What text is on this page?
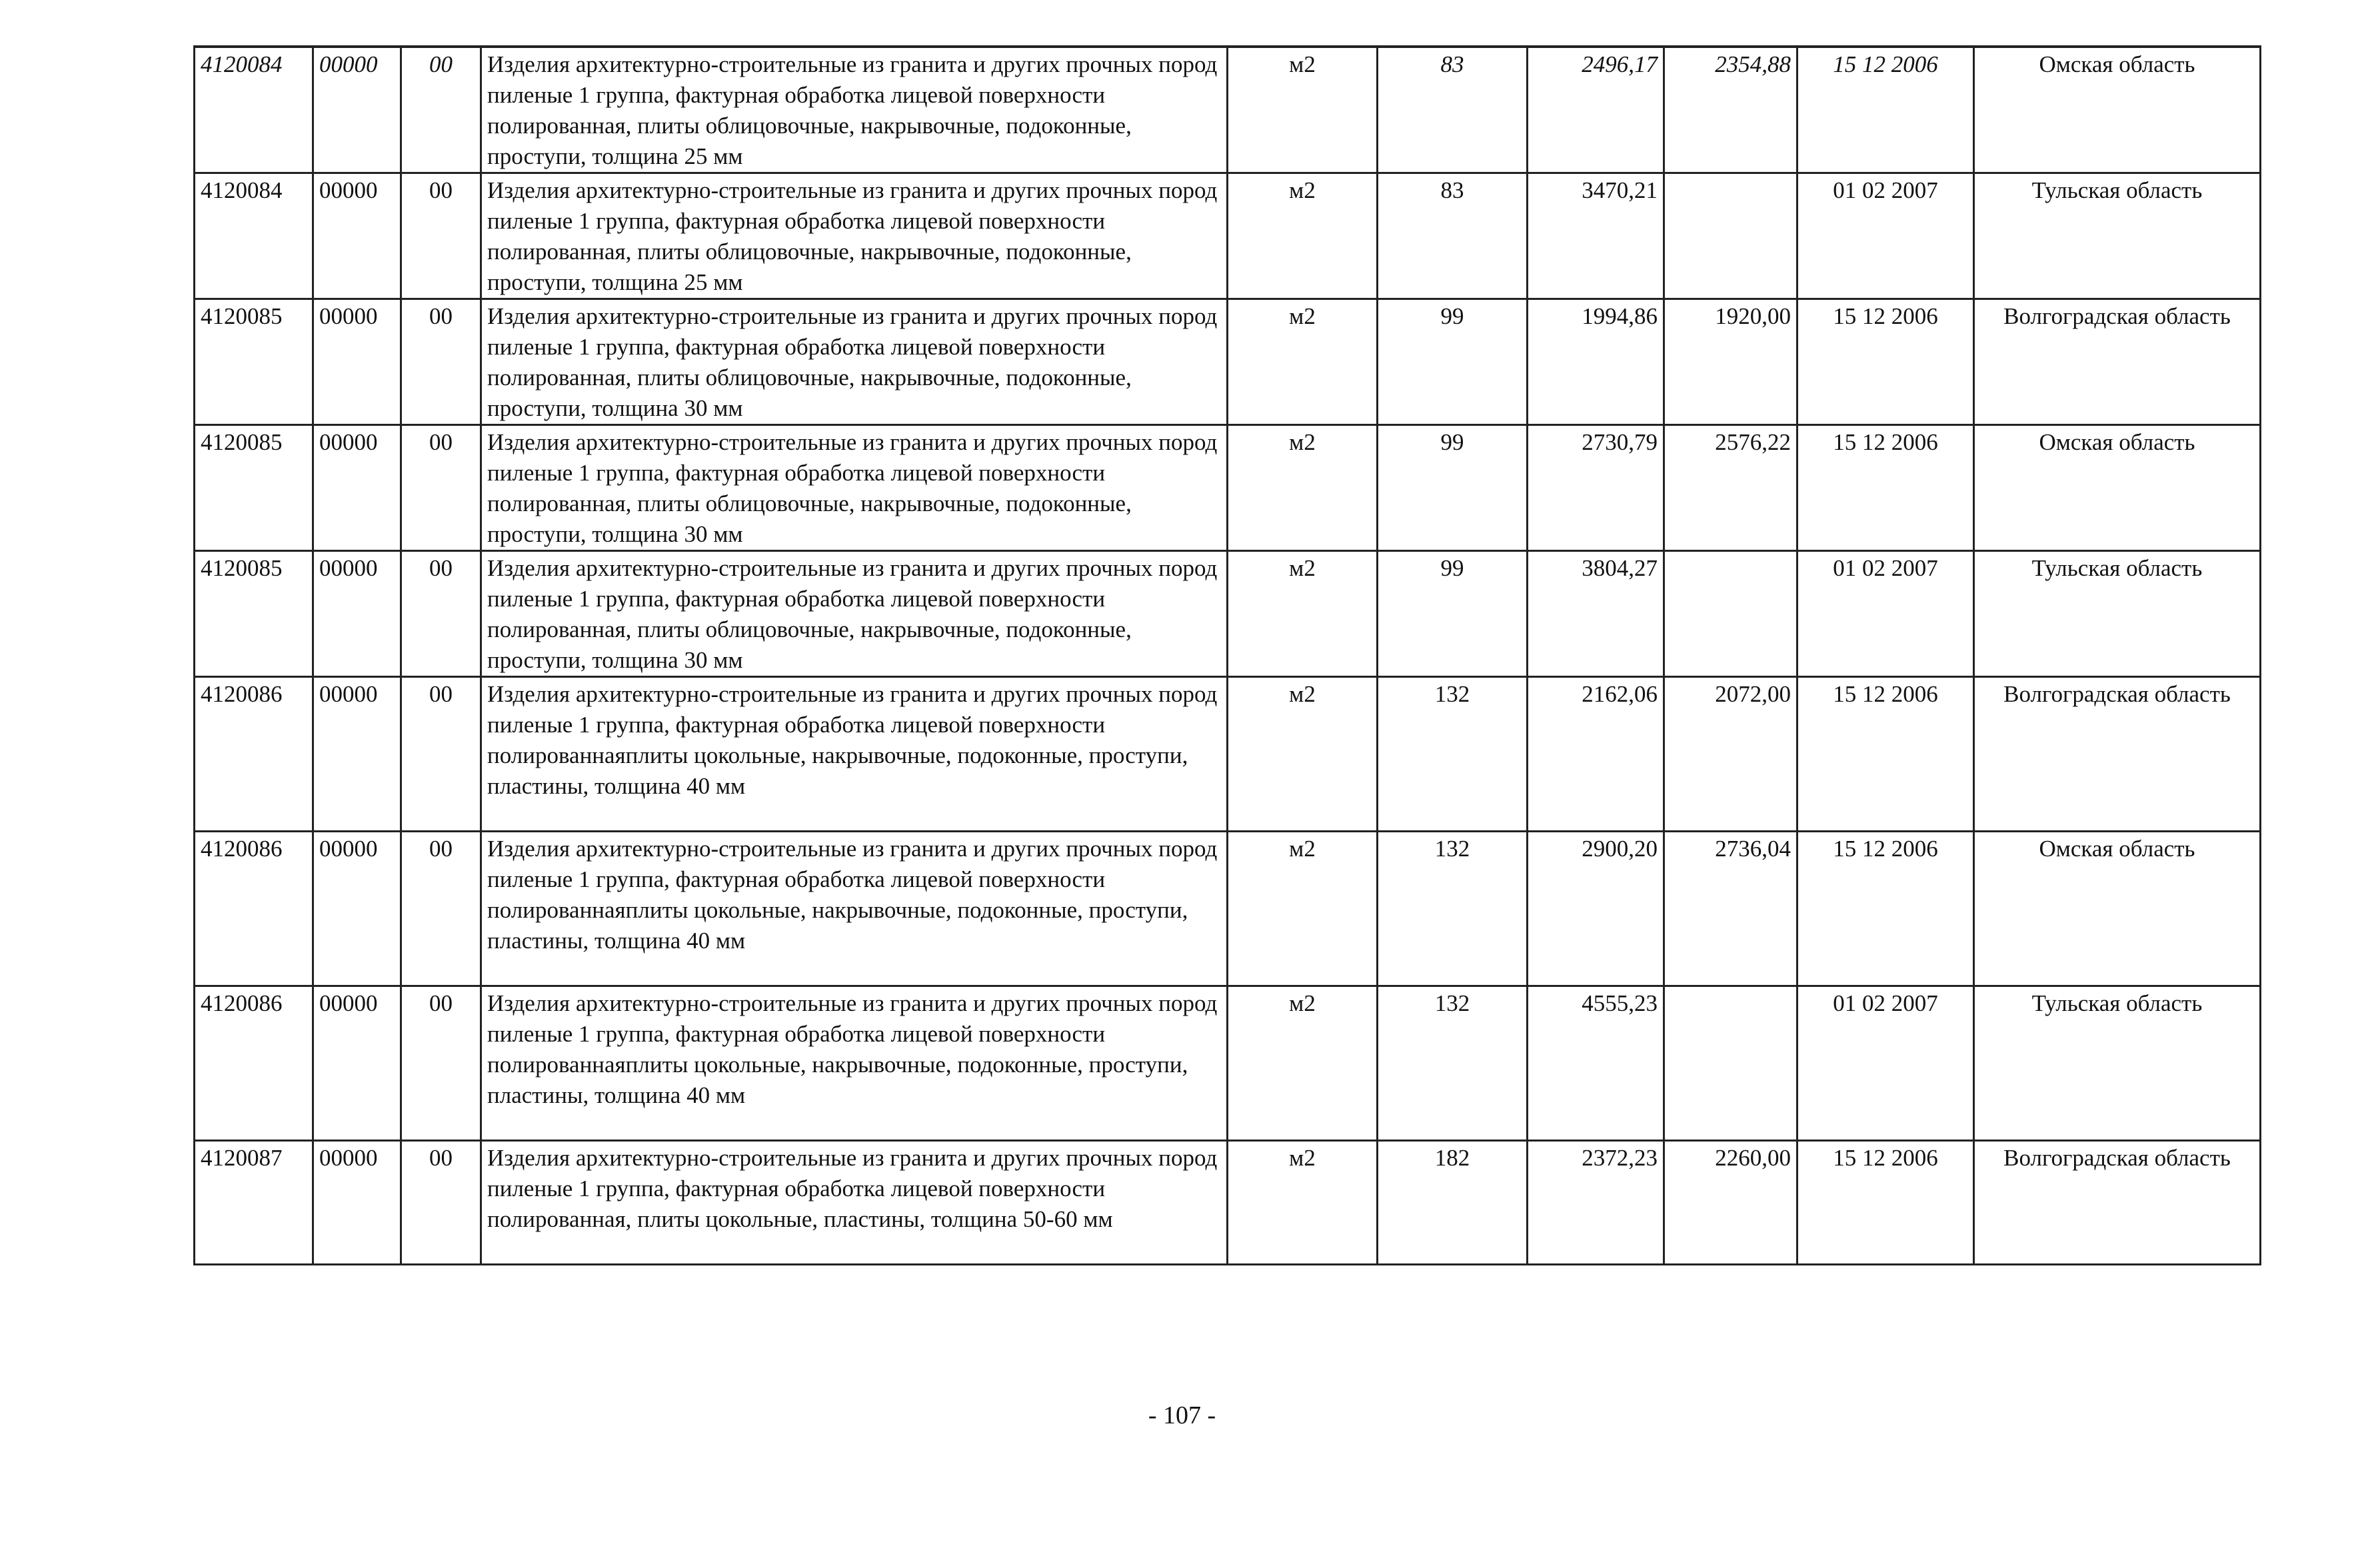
4120084	00000	00	Изделия архитектурно-строительные из гранита и других прочных пород пиленые 1 группа, фактурная обработка лицевой поверхности полированная, плиты облицовочные, накрывочные, подоконные, проступи, толщина 25 мм	м2	83	2496,17	2354,88	15 12 2006	Омская область
4120084	00000	00	Изделия архитектурно-строительные из гранита и других прочных пород пиленые 1 группа, фактурная обработка лицевой поверхности полированная, плиты облицовочные, накрывочные, подоконные, проступи, толщина 25 мм	м2	83	3470,21		01 02 2007	Тульская область
4120085	00000	00	Изделия архитектурно-строительные из гранита и других прочных пород пиленые 1 группа, фактурная обработка лицевой поверхности полированная, плиты облицовочные, накрывочные, подоконные, проступи, толщина 30 мм	м2	99	1994,86	1920,00	15 12 2006	Волгоградская область
4120085	00000	00	Изделия архитектурно-строительные из гранита и других прочных пород пиленые 1 группа, фактурная обработка лицевой поверхности полированная, плиты облицовочные, накрывочные, подоконные, проступи, толщина 30 мм	м2	99	2730,79	2576,22	15 12 2006	Омская область
4120085	00000	00	Изделия архитектурно-строительные из гранита и других прочных пород пиленые 1 группа, фактурная обработка лицевой поверхности полированная, плиты облицовочные, накрывочные, подоконные, проступи, толщина 30 мм	м2	99	3804,27		01 02 2007	Тульская область
4120086	00000	00	Изделия архитектурно-строительные из гранита и других прочных пород пиленые 1 группа, фактурная обработка лицевой поверхности полированнаяплиты цокольные, накрывочные, подоконные, проступи, пластины, толщина 40 мм	м2	132	2162,06	2072,00	15 12 2006	Волгоградская область
4120086	00000	00	Изделия архитектурно-строительные из гранита и других прочных пород пиленые 1 группа, фактурная обработка лицевой поверхности полированнаяплиты цокольные, накрывочные, подоконные, проступи, пластины, толщина 40 мм	м2	132	2900,20	2736,04	15 12 2006	Омская область
4120086	00000	00	Изделия архитектурно-строительные из гранита и других прочных пород пиленые 1 группа, фактурная обработка лицевой поверхности полированнаяплиты цокольные, накрывочные, подоконные, проступи, пластины, толщина 40 мм	м2	132	4555,23		01 02 2007	Тульская область
4120087	00000	00	Изделия архитектурно-строительные из гранита и других прочных пород пиленые 1 группа, фактурная обработка лицевой поверхности полированная, плиты цокольные, пластины, толщина 50-60 мм	м2	182	2372,23	2260,00	15 12 2006	Волгоградская область
- 107 -
